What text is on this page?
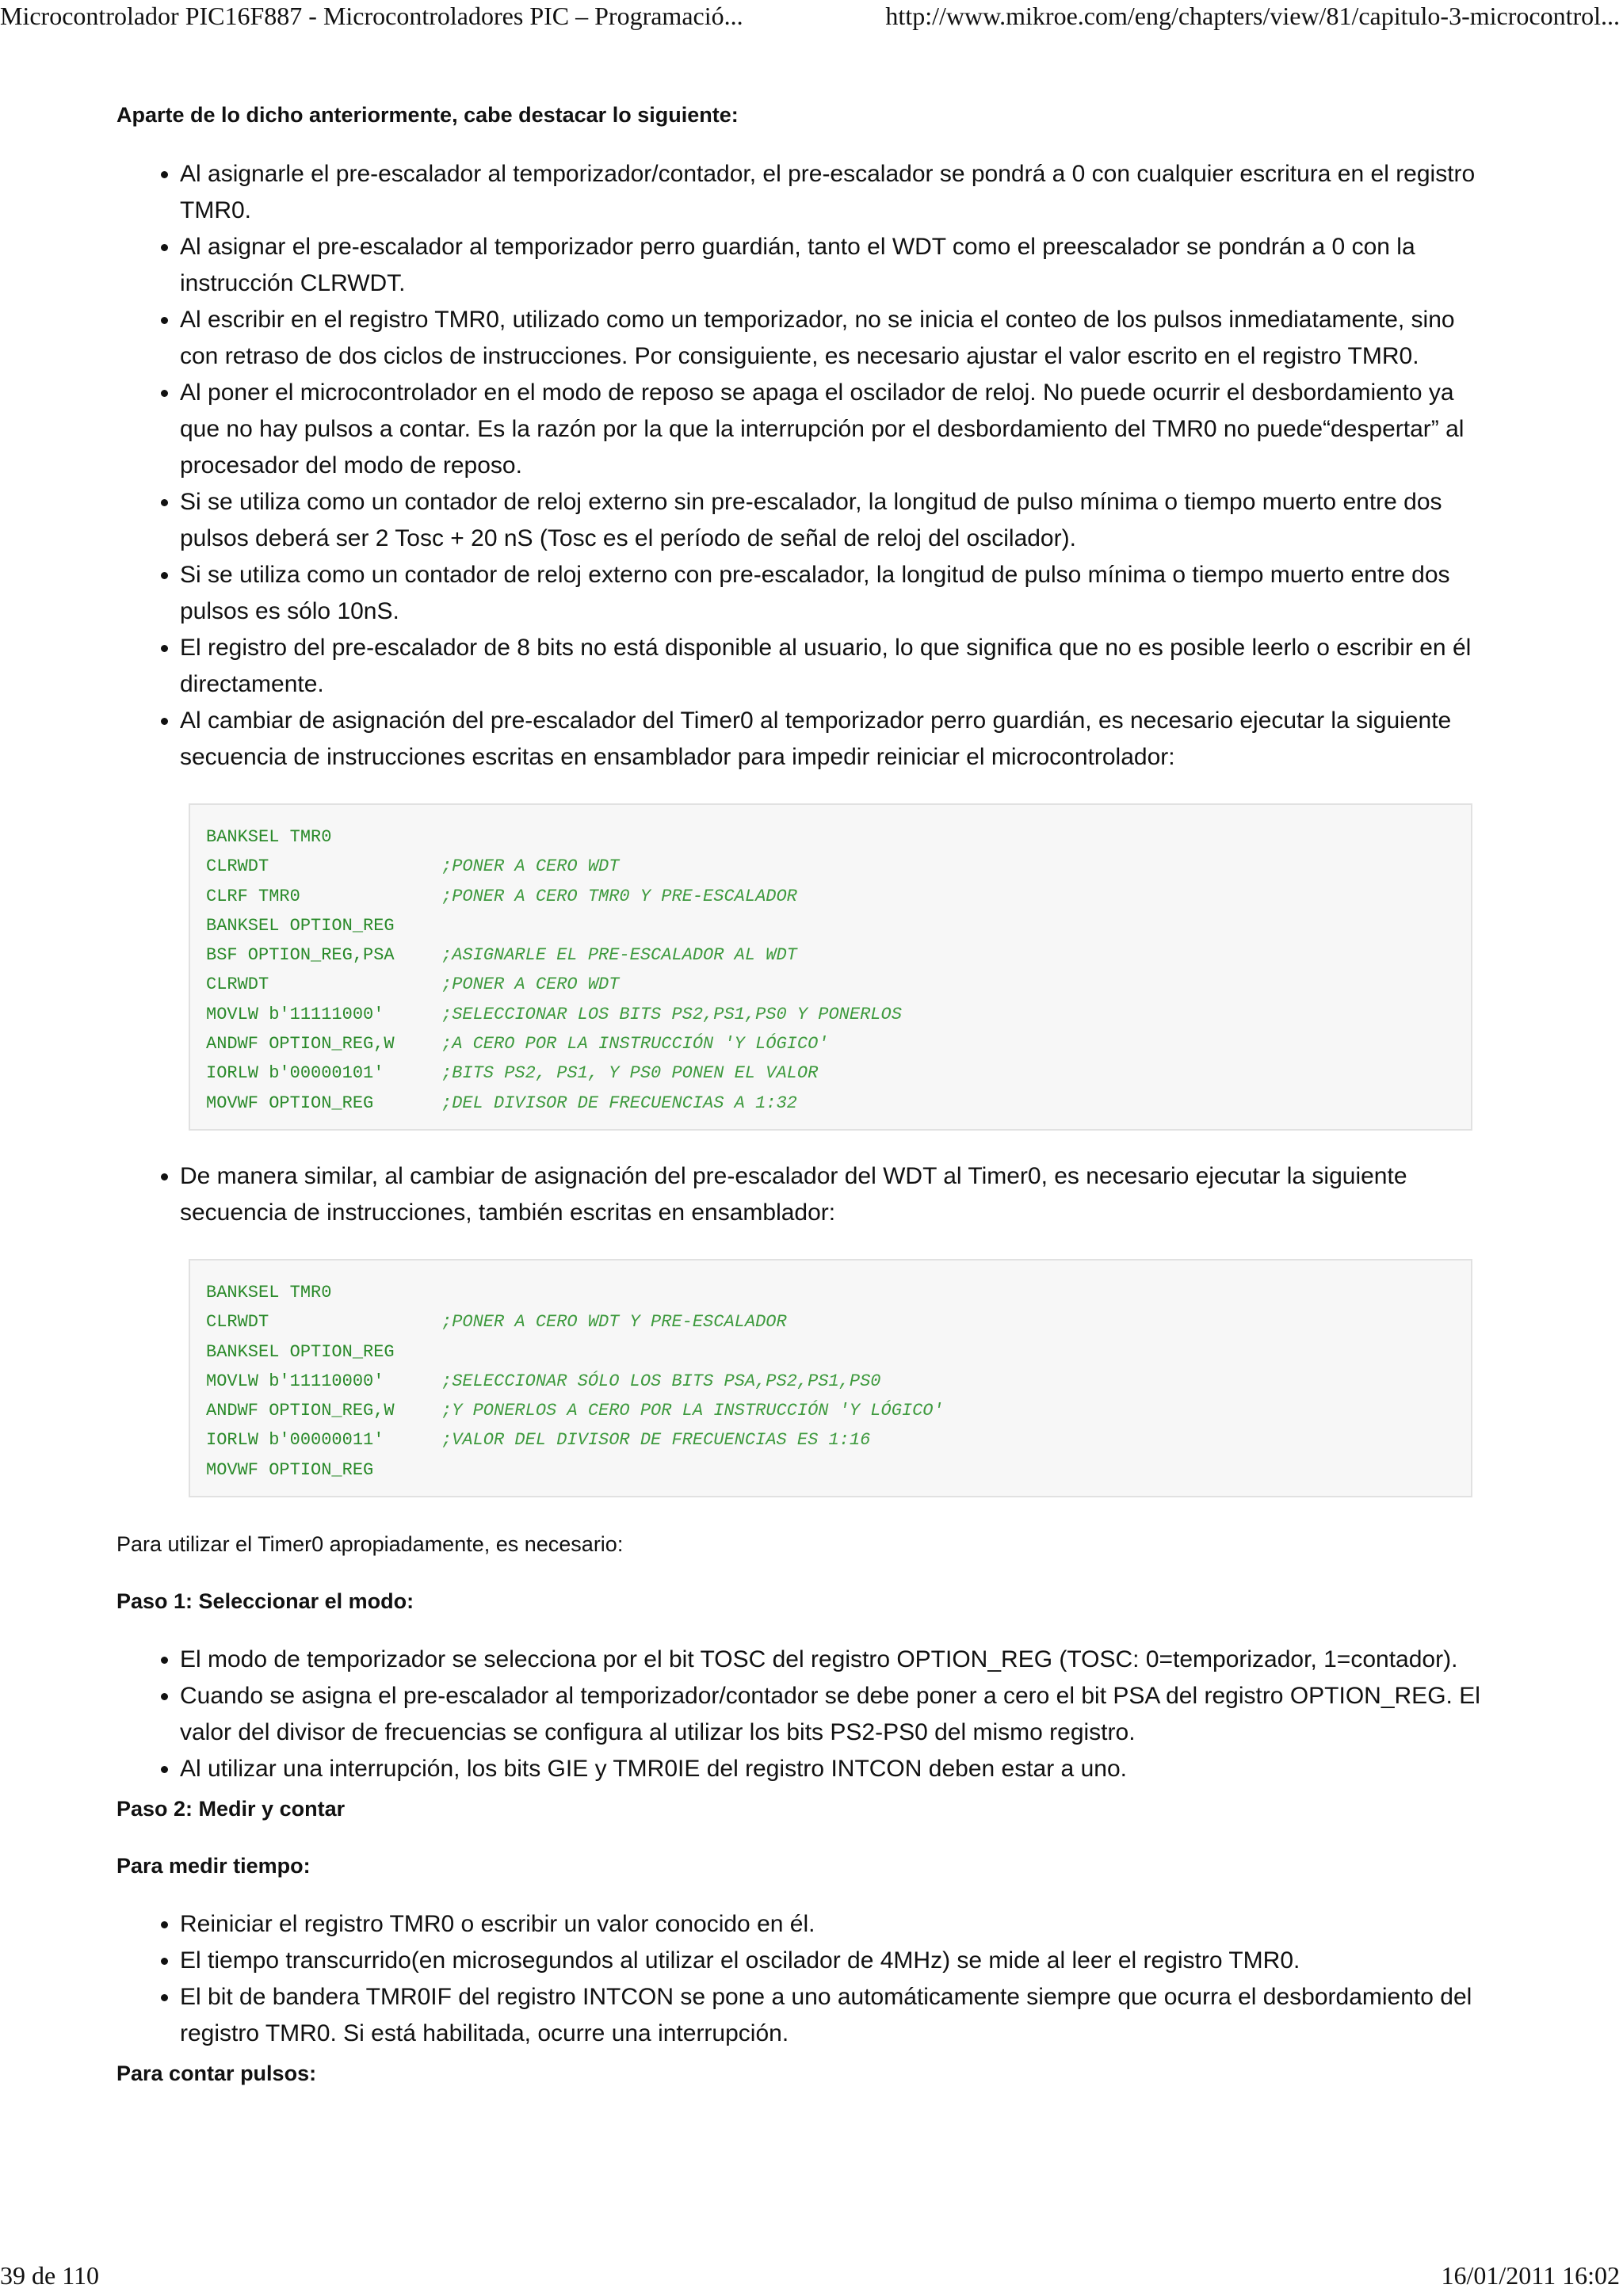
Microcontrolador PIC16F887 - Microcontroladores PIC – Programació...	http://www.mikroe.com/eng/chapters/view/81/capitulo-3-microcontrol...

Aparte de lo dicho anteriormente, cabe destacar lo siguiente:

• Al asignarle el pre-escalador al temporizador/contador, el pre-escalador se pondrá a 0 con cualquier escritura en el registro TMR0.
• Al asignar el pre-escalador al temporizador perro guardián, tanto el WDT como el preescalador se pondrán a 0 con la instrucción CLRWDT.
• Al escribir en el registro TMR0, utilizado como un temporizador, no se inicia el conteo de los pulsos inmediatamente, sino con retraso de dos ciclos de instrucciones. Por consiguiente, es necesario ajustar el valor escrito en el registro TMR0.
• Al poner el microcontrolador en el modo de reposo se apaga el oscilador de reloj. No puede ocurrir el desbordamiento ya que no hay pulsos a contar. Es la razón por la que la interrupción por el desbordamiento del TMR0 no puede“despertar” al procesador del modo de reposo.
• Si se utiliza como un contador de reloj externo sin pre-escalador, la longitud de pulso mínima o tiempo muerto entre dos pulsos deberá ser 2 Tosc + 20 nS (Tosc es el período de señal de reloj del oscilador).
• Si se utiliza como un contador de reloj externo con pre-escalador, la longitud de pulso mínima o tiempo muerto entre dos pulsos es sólo 10nS.
• El registro del pre-escalador de 8 bits no está disponible al usuario, lo que significa que no es posible leerlo o escribir en él directamente.
• Al cambiar de asignación del pre-escalador del Timer0 al temporizador perro guardián, es necesario ejecutar la siguiente secuencia de instrucciones escritas en ensamblador para impedir reiniciar el microcontrolador:
BANKSEL TMR0
CLRWDT	;PONER A CERO WDT
CLRF TMR0	;PONER A CERO TMR0 Y PRE-ESCALADOR
BANKSEL OPTION_REG
BSF OPTION_REG,PSA	;ASIGNARLE EL PRE-ESCALADOR AL WDT
CLRWDT	;PONER A CERO WDT
MOVLW b'11111000'	;SELECCIONAR LOS BITS PS2,PS1,PS0 Y PONERLOS
ANDWF OPTION_REG,W	;A CERO POR LA INSTRUCCIÓN 'Y LÓGICO'
IORLW b'00000101'	;BITS PS2, PS1, Y PS0 PONEN EL VALOR
MOVWF OPTION_REG	;DEL DIVISOR DE FRECUENCIAS A 1:32
• De manera similar, al cambiar de asignación del pre-escalador del WDT al Timer0, es necesario ejecutar la siguiente secuencia de instrucciones, también escritas en ensamblador:
BANKSEL TMR0
CLRWDT	;PONER A CERO WDT Y PRE-ESCALADOR
BANKSEL OPTION_REG
MOVLW b'11110000'	;SELECCIONAR SÓLO LOS BITS PSA,PS2,PS1,PS0
ANDWF OPTION_REG,W	;Y PONERLOS A CERO POR LA INSTRUCCIÓN 'Y LÓGICO'
IORLW b'00000011'	;VALOR DEL DIVISOR DE FRECUENCIAS ES 1:16
MOVWF OPTION_REG

Para utilizar el Timer0 apropiadamente, es necesario:

Paso 1: Seleccionar el modo:

• El modo de temporizador se selecciona por el bit TOSC del registro OPTION_REG (TOSC: 0=temporizador, 1=contador).
• Cuando se asigna el pre-escalador al temporizador/contador se debe poner a cero el bit PSA del registro OPTION_REG. El valor del divisor de frecuencias se configura al utilizar los bits PS2-PS0 del mismo registro.
• Al utilizar una interrupción, los bits GIE y TMR0IE del registro INTCON deben estar a uno.

Paso 2: Medir y contar

Para medir tiempo:

• Reiniciar el registro TMR0 o escribir un valor conocido en él.
• El tiempo transcurrido(en microsegundos al utilizar el oscilador de 4MHz) se mide al leer el registro TMR0.
• El bit de bandera TMR0IF del registro INTCON se pone a uno automáticamente siempre que ocurra el desbordamiento del registro TMR0. Si está habilitada, ocurre una interrupción.

Para contar pulsos:

39 de 110	16/01/2011 16:02
